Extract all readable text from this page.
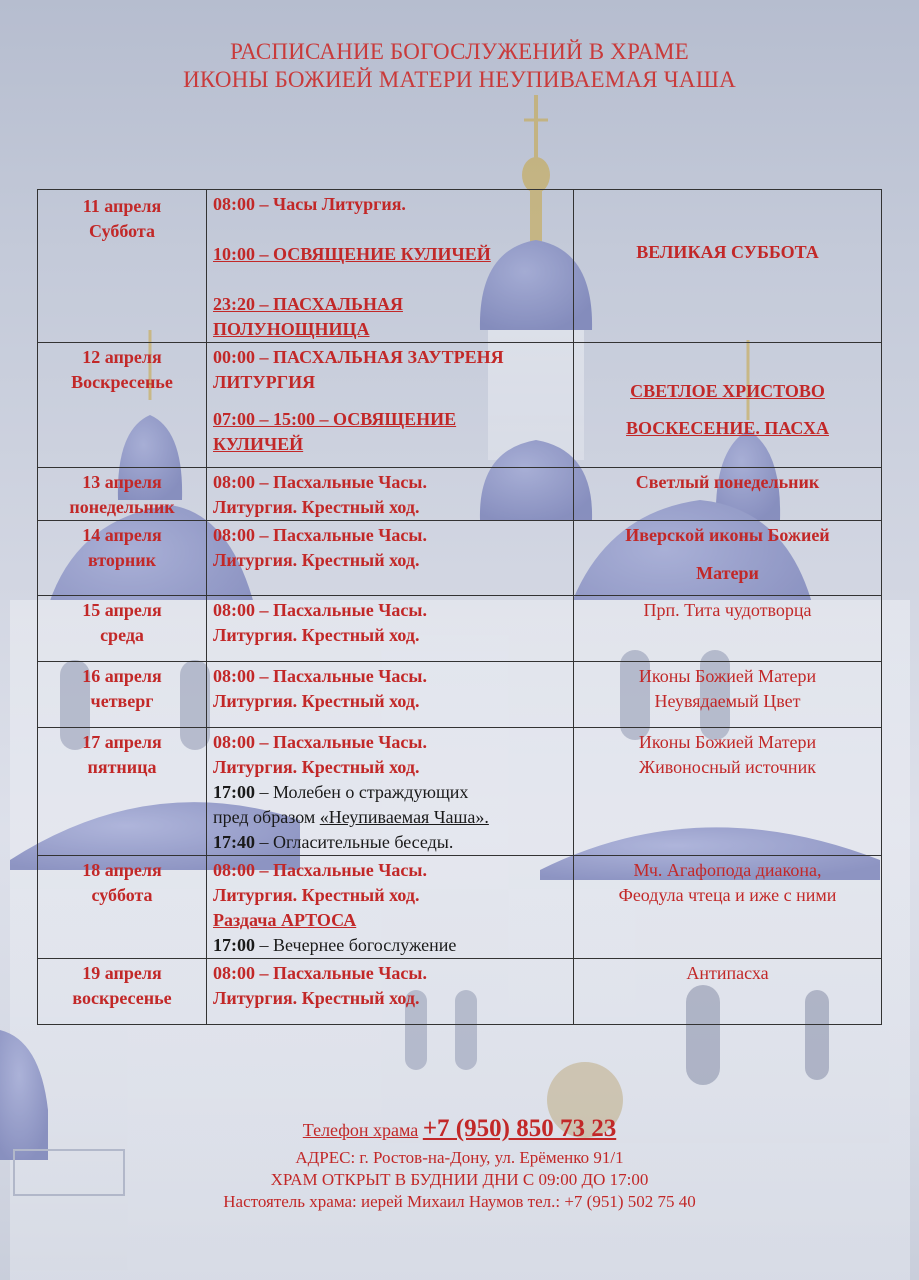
РАСПИСАНИЕ БОГОСЛУЖЕНИЙ В ХРАМЕ
ИКОНЫ БОЖИЕЙ МАТЕРИ НЕУПИВАЕМАЯ ЧАША
11 апреля
Суббота	08:00 – Часы Литургия.
10:00 – ОСВЯЩЕНИЕ КУЛИЧЕЙ
23:20 – ПАСХАЛЬНАЯ
ПОЛУНОЩНИЦА	ВЕЛИКАЯ СУББОТА

12 апреля
Воскресенье	00:00 – ПАСХАЛЬНАЯ ЗАУТРЕНЯ
ЛИТУРГИЯ
07:00 – 15:00 – ОСВЯЩЕНИЕ
КУЛИЧЕЙ	СВЕТЛОЕ ХРИСТОВО
ВОСКЕСЕНИЕ. ПАСХА

13 апреля
понедельник	08:00 – Пасхальные Часы.
Литургия. Крестный ход.	Светлый понедельник

14 апреля
вторник	08:00 – Пасхальные Часы.
Литургия. Крестный ход.	Иверской иконы Божией
Матери

15 апреля
среда	08:00 – Пасхальные Часы.
Литургия. Крестный ход.	Прп. Тита чудотворца

16 апреля
четверг	08:00 – Пасхальные Часы.
Литургия. Крестный ход.	Иконы Божией Матери
Неувядаемый Цвет

17 апреля
пятница	08:00 – Пасхальные Часы.
Литургия. Крестный ход.
17:00 – Молебен о страждующих
пред образом «Неупиваемая Чаша».
17:40 – Огласительные беседы.	Иконы Божией Матери
Живоносный источник

18 апреля
суббота	08:00 – Пасхальные Часы.
Литургия. Крестный ход.
Раздача АРТОСА
17:00 – Вечернее богослужение	Мч. Агафопода диакона,
Феодула чтеца и иже с ними

19 апреля
воскресенье	08:00 – Пасхальные Часы.
Литургия. Крестный ход.	Антипасха
Телефон храма +7 (950) 850 73 23
АДРЕС: г. Ростов-на-Дону, ул. Ерёменко 91/1
ХРАМ ОТКРЫТ В БУДНИИ ДНИ С 09:00 ДО 17:00
Настоятель храма: иерей Михаил Наумов тел.: +7 (951) 502 75 40
